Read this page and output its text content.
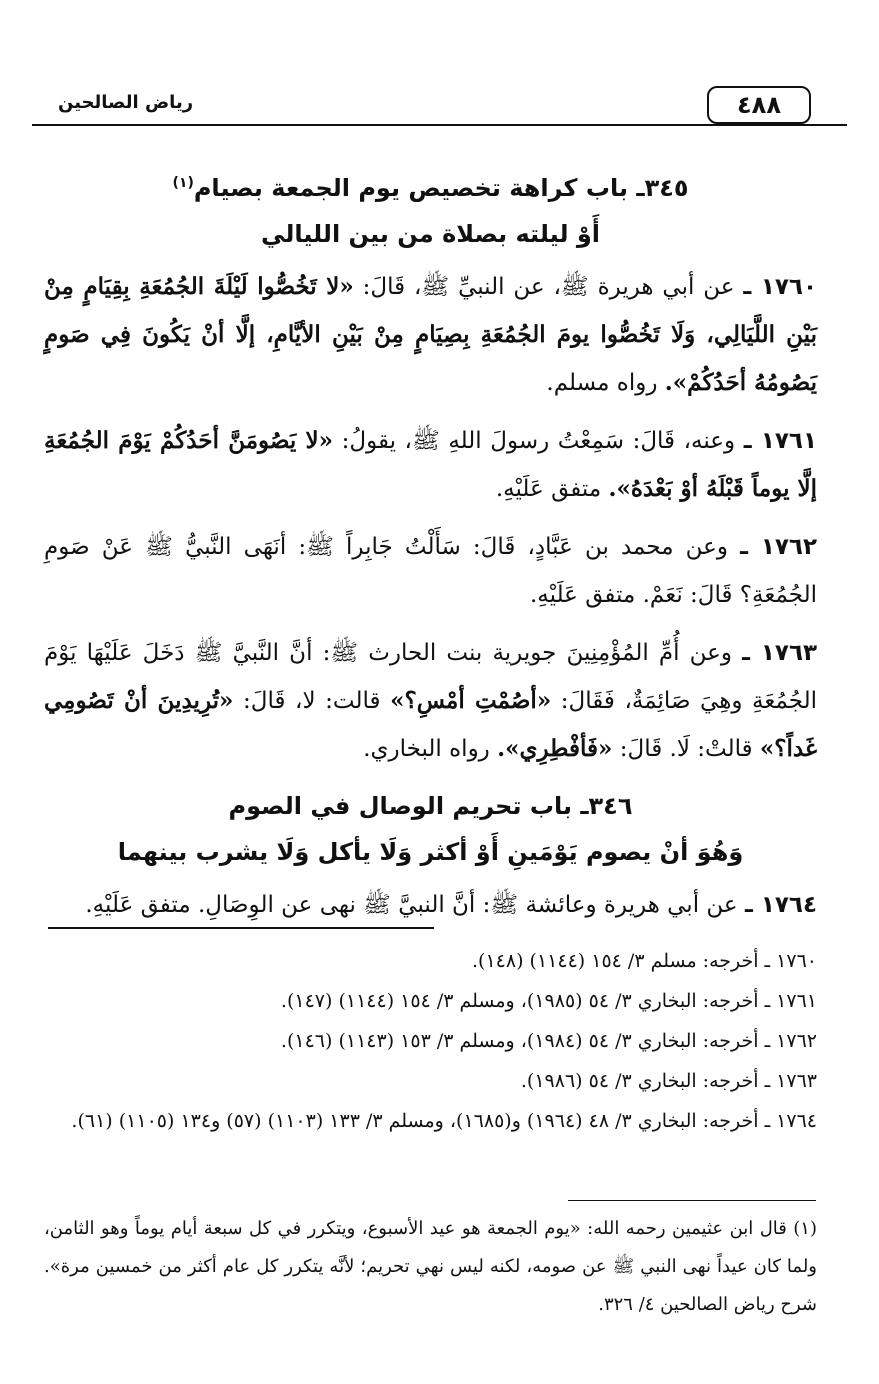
٤٨٨
رياض الصالحين

٣٤٥ـ باب كراهة تخصيص يوم الجمعة بصيام$^{(١)}$

أَوْ ليلته بصلاة من بين الليالي

١٧٦٠ ـ عن أبي هريرة ﷺ، عن النبيِّ ﷺ، قَالَ: «لا تَخُصُّوا لَيْلَةَ الجُمُعَةِ بِقِيَامٍ مِنْ بَيْنِ اللَّيَالِي، وَلَا تَخُصُّوا يومَ الجُمُعَةِ بِصِيَامٍ مِنْ بَيْنِ الأيَّامِ، إلَّا أنْ يَكُونَ فِي صَومٍ يَصُومُهُ أحَدُكُمْ». رواه مسلم.

١٧٦١ ـ وعنه، قَالَ: سَمِعْتُ رسولَ اللهِ ﷺ، يقولُ: «لا يَصُومَنَّ أحَدُكُمْ يَوْمَ الجُمُعَةِ إلَّا يوماً قَبْلَهُ أوْ بَعْدَهُ». متفق عَلَيْهِ.

١٧٦٢ ـ وعن محمد بن عَبَّادٍ، قَالَ: سَأَلْتُ جَابِراً ﷺ: أنَهَى النَّبيُّ ﷺ عَنْ صَومِ الجُمُعَةِ؟ قَالَ: نَعَمْ. متفق عَلَيْهِ.

١٧٦٣ ـ وعن أُمِّ المُؤْمِنِينَ جويرية بنت الحارث ﷺ: أنَّ النَّبيَّ ﷺ دَخَلَ عَلَيْهَا يَوْمَ الجُمُعَةِ وهِيَ صَائِمَةٌ، فَقَالَ: «أصُمْتِ أمْسِ؟» قالت: لا، قَالَ: «تُرِيدِينَ أنْ تَصُومِي غَداً؟» قالتْ: لَا. قَالَ: «فَأفْطِرِي». رواه البخاري.

٣٤٦ـ باب تحريم الوصال في الصوم

وَهُوَ أنْ يصوم يَوْمَينِ أَوْ أكثر وَلَا يأكل وَلَا يشرب بينهما

١٧٦٤ ـ عن أبي هريرة وعائشة ﷺ: أنَّ النبيَّ ﷺ نهى عن الوِصَالِ. متفق عَلَيْهِ.

١٧٦٠ ـ أخرجه: مسلم ٣/ ١٥٤ (١١٤٤) (١٤٨).

١٧٦١ ـ أخرجه: البخاري ٣/ ٥٤ (١٩٨٥)، ومسلم ٣/ ١٥٤ (١١٤٤) (١٤٧).

١٧٦٢ ـ أخرجه: البخاري ٣/ ٥٤ (١٩٨٤)، ومسلم ٣/ ١٥٣ (١١٤٣) (١٤٦).

١٧٦٣ ـ أخرجه: البخاري ٣/ ٥٤ (١٩٨٦).

١٧٦٤ ـ أخرجه: البخاري ٣/ ٤٨ (١٩٦٤) و(١٦٨٥)، ومسلم ٣/ ١٣٣ (١١٠٣) (٥٧) و١٣٤ (١١٠٥) (٦١).

(١) قال ابن عثيمين رحمه الله: «يوم الجمعة هو عيد الأسبوع، ويتكرر في كل سبعة أيام يوماً وهو الثامن، ولما كان عيداً نهى النبي ﷺ عن صومه، لكنه ليس نهي تحريم؛ لأنَّه يتكرر كل عام أكثر من خمسين مرة». شرح رياض الصالحين ٤/ ٣٢٦.
